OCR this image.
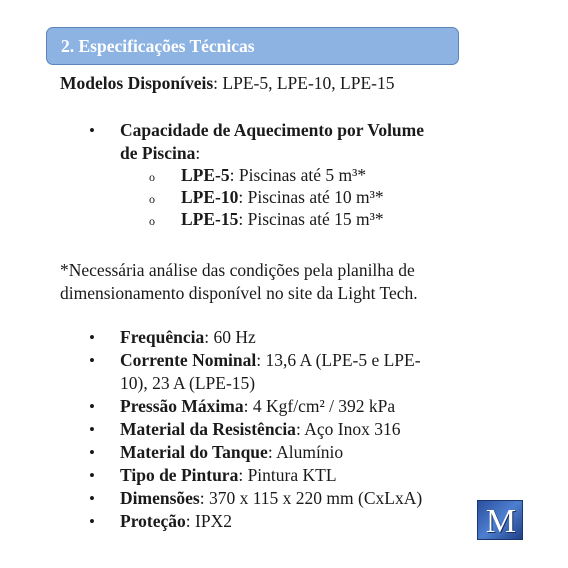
2. Especificações Técnicas
Modelos Disponíveis: LPE-5, LPE-10, LPE-15
• Capacidade de Aquecimento por Volume
de Piscina:
o LPE-5: Piscinas até 5 m³*
o LPE-10: Piscinas até 10 m³*
o LPE-15: Piscinas até 15 m³*
*Necessária análise das condições pela planilha de
dimensionamento disponível no site da Light Tech.
• Frequência: 60 Hz
• Corrente Nominal: 13,6 A (LPE-5 e LPE-
10), 23 A (LPE-15)
• Pressão Máxima: 4 Kgf/cm² / 392 kPa
• Material da Resistência: Aço Inox 316
• Material do Tanque: Alumínio
• Tipo de Pintura: Pintura KTL
• Dimensões: 370 x 115 x 220 mm (CxLxA)
• Proteção: IPX2	M
